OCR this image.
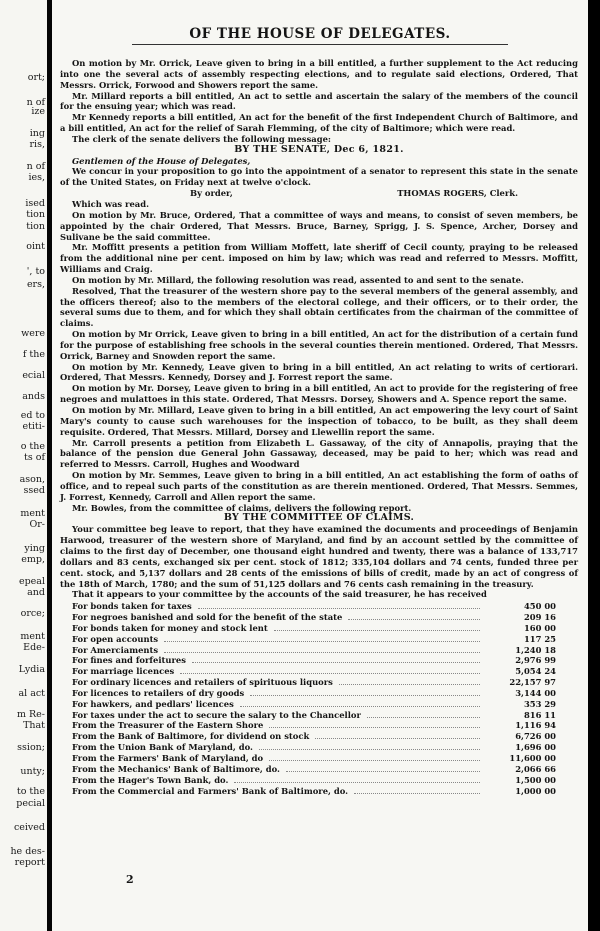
ort;
n of
ize
ing
ris,
n of
ies,
ised
tion
tion
oint
', to
ers,
were
f the
ecial
ands
ed to
etiti-
o the
ts of
ason,
ssed
ment
Or-
ying
emp,
epeal
and
orce;
ment
Ede-
Lydia
al act
m Re-
That
ssion;
unty;
to the
pecial
ceived
he des-
report
OF THE HOUSE OF DELEGATES.

On motion by Mr. Orrick, Leave given to bring in a bill entitled, a further supplement to the Act reducing into one the several acts of assembly respecting elections, and to regulate said elections, Ordered, That Messrs. Orrick, Forwood and Showers report the same.

Mr. Millard reports a bill entitled, An act to settle and ascertain the salary of the members of the council for the ensuing year; which was read.

Mr Kennedy reports a bill entitled, An act for the benefit of the first Independent Church of Baltimore, and a bill entitled, An act for the relief of Sarah Flemming, of the city of Baltimore; which were read.

The clerk of the senate delivers the following message:

BY THE SENATE, Dec 6, 1821.

Gentlemen of the House of Delegates,

We concur in your proposition to go into the appointment of a senator to represent this state in the senate of the United States, on Friday next at twelve o'clock.

By order,	THOMAS ROGERS, Clerk.

Which was read.

On motion by Mr. Bruce, Ordered, That a committee of ways and means, to consist of seven members, be appointed by the chair Ordered, That Messrs. Bruce, Barney, Sprigg, J. S. Spence, Archer, Dorsey and Sulivane be the said committee.

Mr. Moffitt presents a petition from William Moffett, late sheriff of Cecil county, praying to be released from the additional nine per cent. imposed on him by law; which was read and referred to Messrs. Moffitt, Williams and Craig.

On motion by Mr. Millard, the following resolution was read, assented to and sent to the senate.

Resolved, That the treasurer of the western shore pay to the several members of the general assembly, and the officers thereof; also to the members of the electoral college, and their officers, or to their order, the several sums due to them, and for which they shall obtain certificates from the chairman of the committee of claims.

On motion by Mr Orrick, Leave given to bring in a bill entitled, An act for the distribution of a certain fund for the purpose of establishing free schools in the several counties therein mentioned. Ordered, That Messrs. Orrick, Barney and Snowden report the same.

On motion by Mr. Kennedy, Leave given to bring in a bill entitled, An act relating to writs of certiorari. Ordered, That Messrs. Kennedy, Dorsey and J. Forrest report the same.

On motion by Mr. Dorsey, Leave given to bring in a bill entitled, An act to provide for the registering of free negroes and mulattoes in this state. Ordered, That Messrs. Dorsey, Showers and A. Spence report the same.

On motion by Mr. Millard, Leave given to bring in a bill entitled, An act empowering the levy court of Saint Mary's county to cause such warehouses for the inspection of tobacco, to be built, as they shall deem requisite. Ordered, That Messrs. Millard, Dorsey and Llewellin report the same.

Mr. Carroll presents a petition from Elizabeth L. Gassaway, of the city of Annapolis, praying that the balance of the pension due General John Gassaway, deceased, may be paid to her; which was read and referred to Messrs. Carroll, Hughes and Woodward

On motion by Mr. Semmes, Leave given to bring in a bill entitled, An act establishing the form of oaths of office, and to repeal such parts of the constitution as are therein mentioned. Ordered, That Messrs. Semmes, J. Forrest, Kennedy, Carroll and Allen report the same.

Mr. Bowles, from the committee of claims, delivers the following report.

BY THE COMMITTEE OF CLAIMS.

Your committee beg leave to report, that they have examined the documents and proceedings of Benjamin Harwood, treasurer of the western shore of Maryland, and find by an account settled by the committee of claims to the first day of December, one thousand eight hundred and twenty, there was a balance of 133,717 dollars and 83 cents, exchanged six per cent. stock of 1812; 335,104 dollars and 74 cents, funded three per cent. stock, and 5,137 dollars and 28 cents of the emissions of bills of credit, made by an act of congress of the 18th of March, 1780; and the sum of 51,125 dollars and 76 cents cash remaining in the treasury.

That it appears to your committee by the accounts of the said treasurer, he has received

For bonds taken for taxes	450 00
For negroes banished and sold for the benefit of the state	209 16
For bonds taken for money and stock lent	160 00
For open accounts	117 25
For Amerciaments	1,240 18
For fines and forfeitures	2,976 99
For marriage licences	5,054 24
For ordinary licences and retailers of spirituous liquors	22,157 97
For licences to retailers of dry goods	3,144 00
For hawkers, and pedlars' licences	353 29
For taxes under the act to secure the salary to the Chancellor	816 11
From the Treasurer of the Eastern Shore	1,116 94
From the Bank of Baltimore, for dividend on stock	6,726 00
From the Union Bank of Maryland, do.	1,696 00
From the Farmers' Bank of Maryland, do	11,600 00
From the Mechanics' Bank of Baltimore, do.	2,066 66
From the Hager's Town Bank, do.	1,500 00
From the Commercial and Farmers' Bank of Baltimore, do.	1,000 00
2
